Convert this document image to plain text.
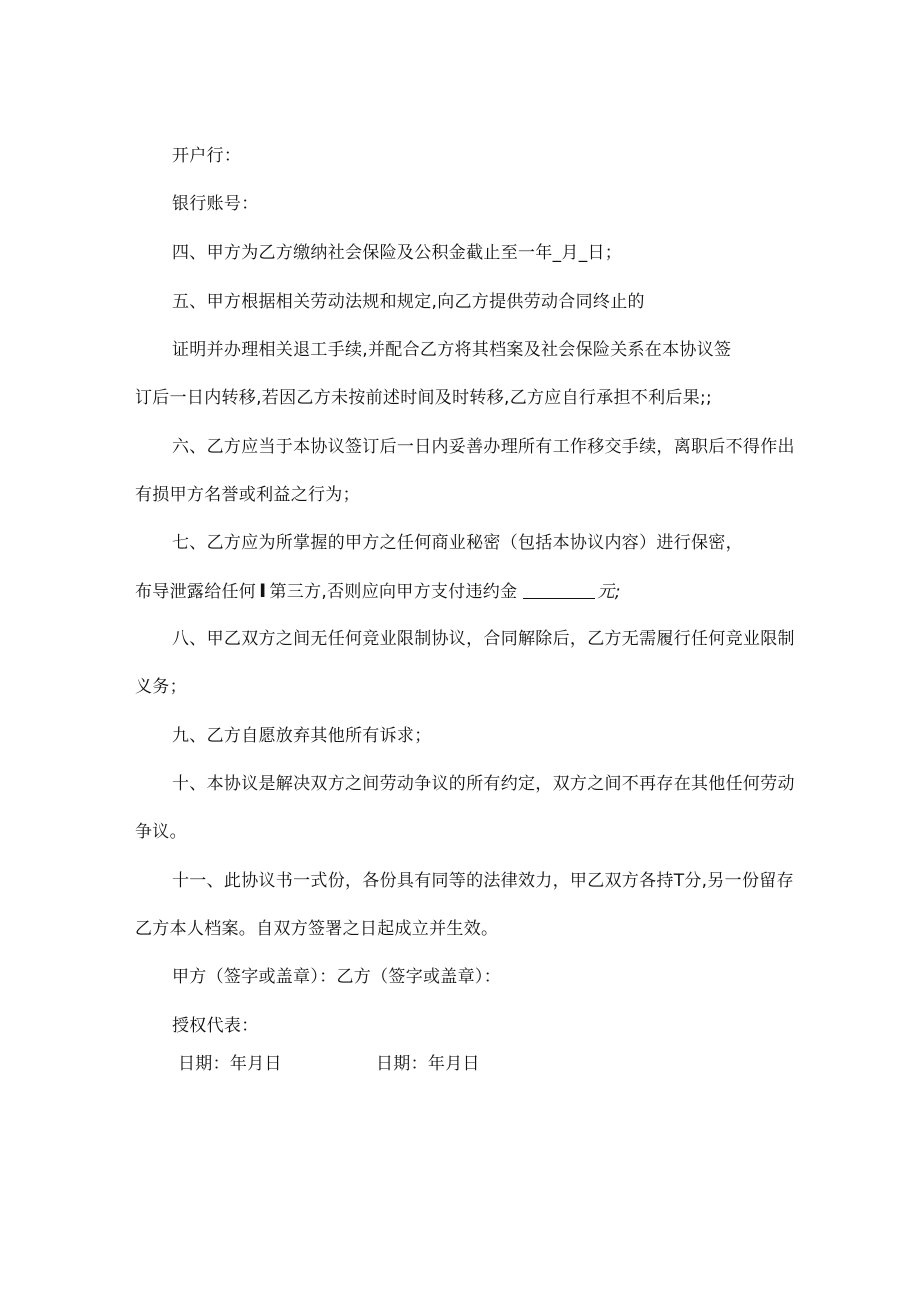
开户行：
银行账号：
四、甲方为乙方缴纳社会保险及公积金截止至一年_月_日；
五、甲方根据相关劳动法规和规定,向乙方提供劳动合同终止的
证明并办理相关退工手续,并配合乙方将其档案及社会保险关系在本协议签
订后一日内转移,若因乙方未按前述时间及时转移,乙方应自行承担不利后果;;
六、乙方应当于本协议签订后一日内妥善办理所有工作移交手续，离职后不得作出
有损甲方名誉或利益之行为；
七、乙方应为所掌握的甲方之任何商业秘密（包括本协议内容）进行保密，
布导泄露给任何 I 第三方,否则应向甲方支付违约金	元;
八、甲乙双方之间无任何竞业限制协议，合同解除后，乙方无需履行任何竞业限制
义务；
九、乙方自愿放弃其他所有诉求；
十、本协议是解决双方之间劳动争议的所有约定，双方之间不再存在其他任何劳动
争议。
十一、此协议书一式份，各份具有同等的法律效力，甲乙双方各持T分,另一份留存
乙方本人档案。自双方签署之日起成立并生效。
甲方（签字或盖章）：乙方（签字或盖章）：
授权代表：
日期：年月日	日期：年月日
